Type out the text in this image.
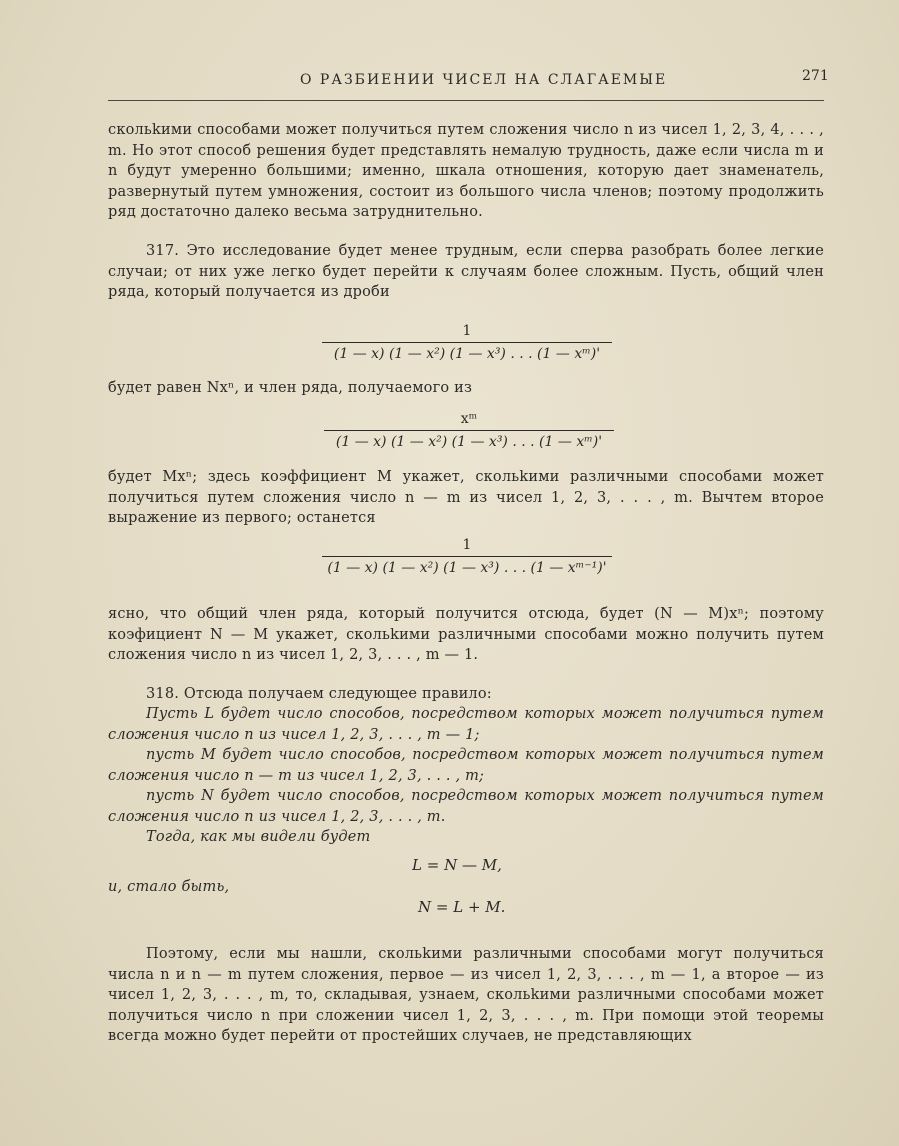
О РАЗБИЕНИИ ЧИСЕЛ НА СЛАГАЕМЫЕ	271

скольkими способами может получиться путем сложения число n из чисел 1, 2, 3, 4, . . . , m. Но этот способ решения будет представлять немалую трудность, даже если числа m и n будут умеренно большими; именно, шкала отношения, которую дает знаменатель, развернутый путем умножения, состоит из большого числа членов; поэтому продолжить ряд достаточно далеко весьма затруднительно.

317. Это исследование будет менее трудным, если сперва разобрать более легкие случаи; от них уже легко будет перейти к случаям более сложным. Пусть, общий член ряда, который получается из дроби

1
(1 — x) (1 — x²) (1 — x³) . . . (1 — xᵐ)'

будет равен Nxⁿ, и член ряда, получаемого из

xᵐ
(1 — x) (1 — x²) (1 — x³) . . . (1 — xᵐ)'

будет Mxⁿ; здесь коэффициент M укажет, скольkими различными способами может получиться путем сложения число n — m из чисел 1, 2, 3, . . . , m. Вычтем второе выражение из первого; останется

1
(1 — x) (1 — x²) (1 — x³) . . . (1 — xᵐ⁻¹)'

ясно, что общий член ряда, который получится отсюда, будет (N — M)xⁿ; поэтому коэфициент N — M укажет, скольkими различными способами можно получить путем сложения число n из чисел 1, 2, 3, . . . , m — 1.

318. Отсюда получаем следующее правило:

Пусть L будет число способов, посредством которых может получиться путем сложения число n из чисел 1, 2, 3, . . . , m — 1;

пусть M будет число способов, посредством которых может получиться путем сложения число n — m из чисел 1, 2, 3, . . . , m;

пусть N будет число способов, посредством которых может получиться путем сложения число n из чисел 1, 2, 3, . . . , m.

Тогда, как мы видели будет

L = N — M,

и, стало быть,

N = L + M.

Поэтому, если мы нашли, скольkими различными способами могут получиться числа n и n — m путем сложения, первое — из чисел 1, 2, 3, . . . , m — 1, а второе — из чисел 1, 2, 3, . . . , m, то, складывая, узнаем, скольkими различными способами может получиться число n при сложении чисел 1, 2, 3, . . . , m. При помощи этой теоремы всегда можно будет перейти от простейших случаев, не представляющих
